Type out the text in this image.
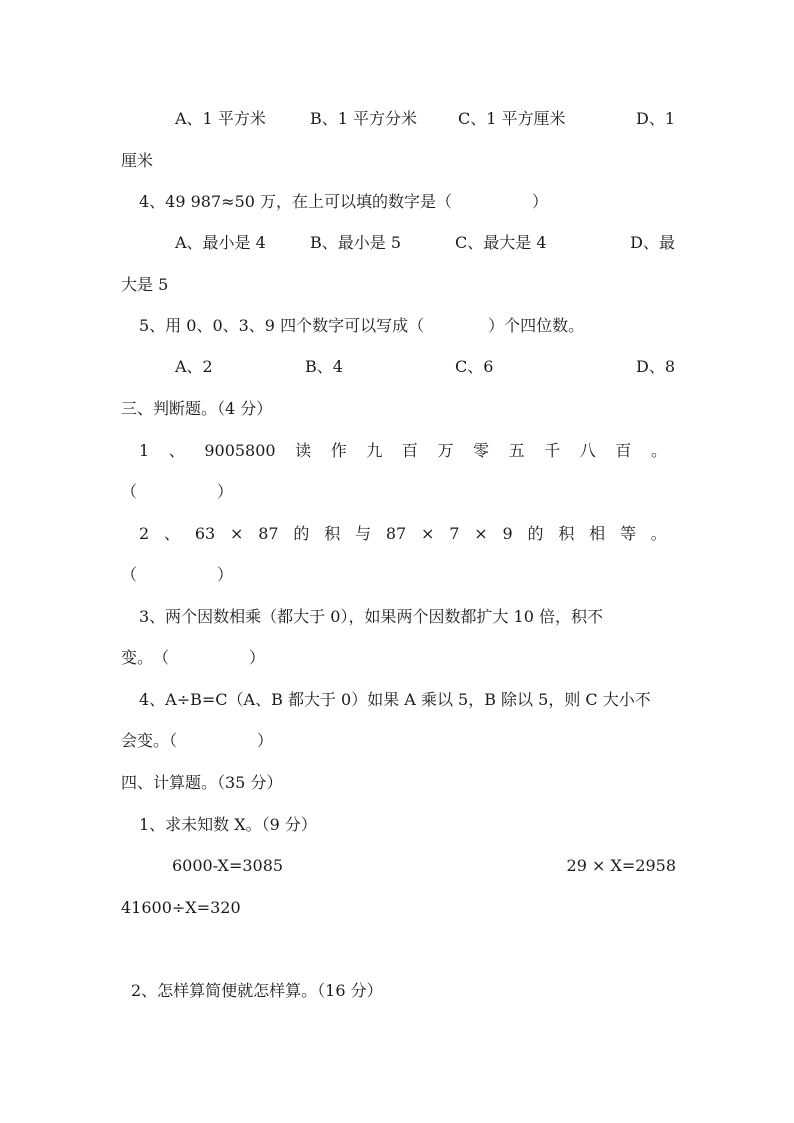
A、1 平方米	B、1 平方分米	C、1 平方厘米	D、1
厘米
4、49 987≈50 万，在上可以填的数字是（　　　　　）
A、最小是 4	B、最小是 5	C、最大是 4	D、最
大是 5
5、用 0、0、3、9 四个数字可以写成（　　　　）个四位数。
A、2	B、4	C、6	D、8
三、判断题。（4 分）
1 、 9005800 读 作 九 百 万 零 五 千 八 百 。
（　　　　　）
2 、 63 × 87 的 积 与 87 × 7 × 9 的 积 相 等 。
（　　　　　）
3、两个因数相乘（都大于 0），如果两个因数都扩大 10 倍，积不
变。　（　　　　　）
4、A÷B=C（A、B 都大于 0）如果 A 乘以 5，B 除以 5，则 C 大小不
会变。（　　　　　）
四、计算题。（35 分）
1、求未知数 X。（9 分）
6000-X=3085	29 × X=2958
41600÷X=320
2、怎样算简便就怎样算。（16 分）
